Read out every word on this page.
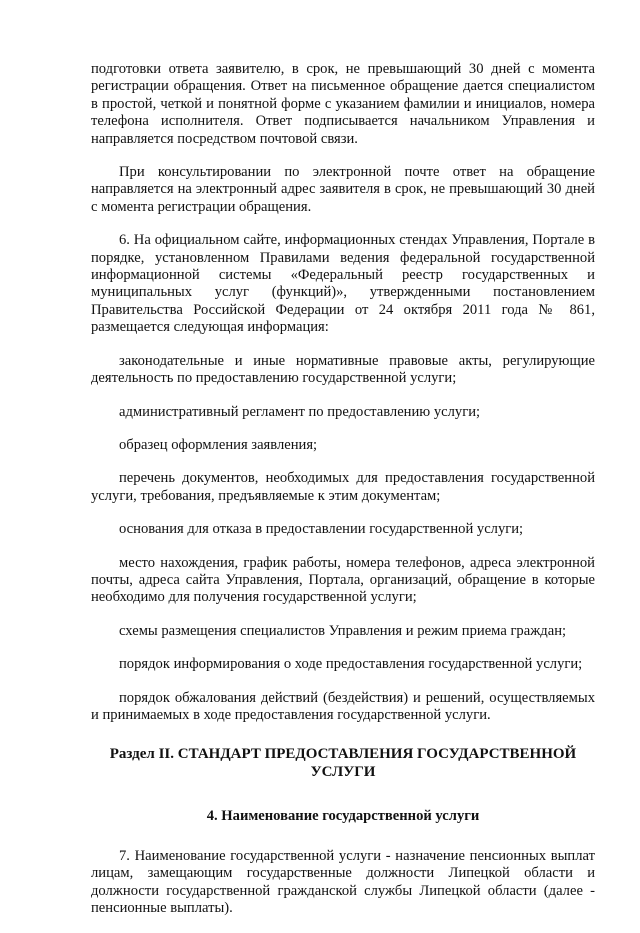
подготовки ответа заявителю, в срок, не превышающий 30 дней с момента регистрации обращения. Ответ на письменное обращение дается специалистом в простой, четкой и понятной форме с указанием фамилии и инициалов, номера телефона исполнителя. Ответ подписывается начальником Управления и направляется посредством почтовой связи.

При консультировании по электронной почте ответ на обращение направляется на электронный адрес заявителя в срок, не превышающий 30 дней с момента регистрации обращения.

6. На официальном сайте, информационных стендах Управления, Портале в порядке, установленном Правилами ведения федеральной государственной информационной системы «Федеральный реестр государственных и муниципальных услуг (функций)», утвержденными постановлением Правительства Российской Федерации от 24 октября 2011 года № 861, размещается следующая информация:

законодательные и иные нормативные правовые акты, регулирующие деятельность по предоставлению государственной услуги;

административный регламент по предоставлению услуги;

образец оформления заявления;

перечень документов, необходимых для предоставления государственной услуги, требования, предъявляемые к этим документам;

основания для отказа в предоставлении государственной услуги;

место нахождения, график работы, номера телефонов, адреса электронной почты, адреса сайта Управления, Портала, организаций, обращение в которые необходимо для получения государственной услуги;

схемы размещения специалистов Управления и режим приема граждан;

порядок информирования о ходе предоставления государственной услуги;

порядок обжалования действий (бездействия) и решений, осуществляемых и принимаемых в ходе предоставления государственной услуги.

Раздел II. СТАНДАРТ ПРЕДОСТАВЛЕНИЯ ГОСУДАРСТВЕННОЙ УСЛУГИ
4. Наименование государственной услуги

7. Наименование государственной услуги - назначение пенсионных выплат лицам, замещающим государственные должности Липецкой области и должности государственной гражданской службы Липецкой области (далее - пенсионные выплаты).
